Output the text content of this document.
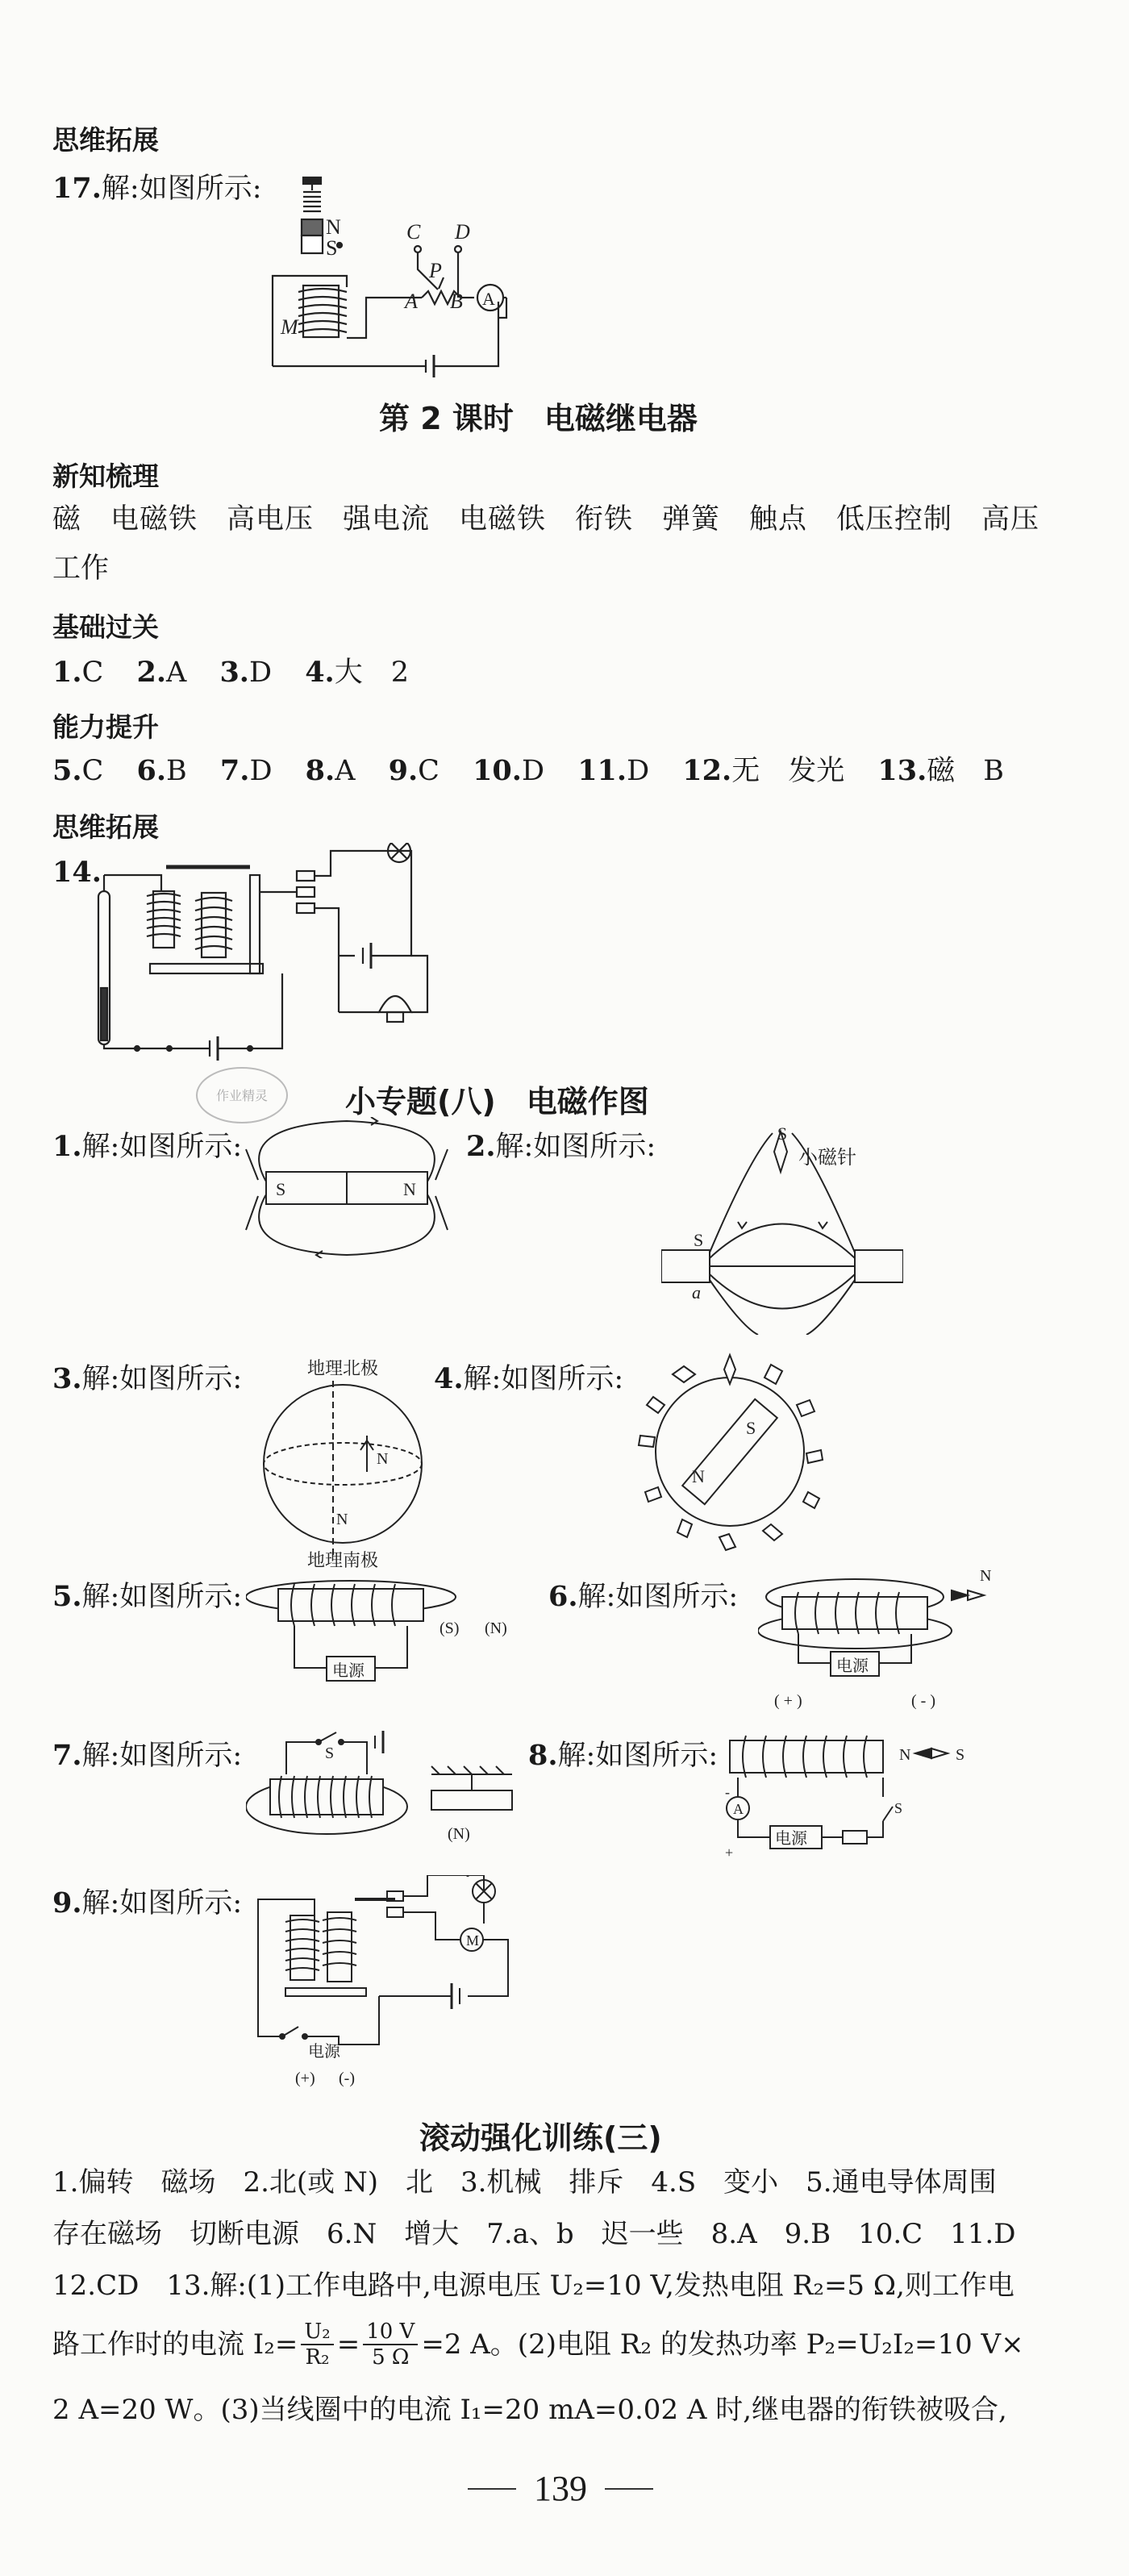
思维拓展
17.解:如图所示:
N
S
C D
P
A B
M
A
第 2 课时　电磁继电器
新知梳理
磁　电磁铁　高电压　强电流　电磁铁　衔铁　弹簧　触点　低压控制　高压
工作
基础过关
1.C 2.A 3.D 4.大　2
能力提升
5.C 6.B 7.D 8.A 9.C 10.D 11.D 12.无　发光 13.磁　B
思维拓展
14.
作业精灵	小专题(八)　电磁作图
1.解:如图所示:
S	N
2.解:如图所示:	S
小磁针
S
a
3.解:如图所示:	地理北极
N
N
地理南极
4.解:如图所示:
S
N
5.解:如图所示:
电源
(S) (N)
6.解:如图所示:
N
电源
( + )	( - )
7.解:如图所示:	S
(N)
8.解:如图所示:	N	S
A
电源
-
+
S
9.解:如图所示:
M
电源
(+) (-)
滚动强化训练(三)
1.偏转　磁场　2.北(或 N)　北　3.机械　排斥　4.S　变小　5.通电导体周围
存在磁场　切断电源　6.N　增大　7.a、b　迟一些　8.A　9.B　10.C　11.D
12.CD　13.解:(1)工作电路中,电源电压 U₂=10 V,发热电阻 R₂=5 Ω,则工作电
路工作时的电流 $I_2= \frac{\text{U₂}}{\text{R₂}} = \frac{10 V}{5 \Omega} =2$ A。(2)电阻 R₂ 的发热功率 P₂=U₂I₂=10 V×
2 A=20 W。(3)当线圈中的电流 I₁=20 mA=0.02 A 时,继电器的衔铁被吸合,
139
